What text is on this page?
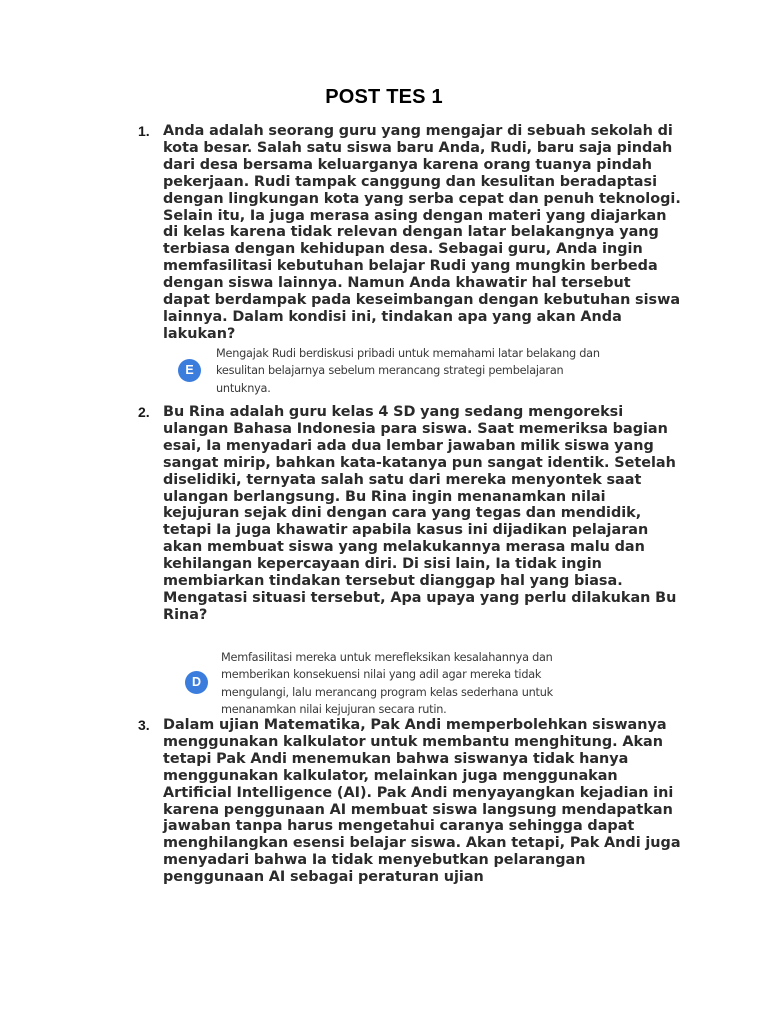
POST TES 1
1. Anda adalah seorang guru yang mengajar di sebuah sekolah di kota besar. Salah satu siswa baru Anda, Rudi, baru saja pindah dari desa bersama keluarganya karena orang tuanya pindah pekerjaan. Rudi tampak canggung dan kesulitan beradaptasi dengan lingkungan kota yang serba cepat dan penuh teknologi. Selain itu, Ia juga merasa asing dengan materi yang diajarkan di kelas karena tidak relevan dengan latar belakangnya yang terbiasa dengan kehidupan desa. Sebagai guru, Anda ingin memfasilitasi kebutuhan belajar Rudi yang mungkin berbeda dengan siswa lainnya. Namun Anda khawatir hal tersebut dapat berdampak pada keseimbangan dengan kebutuhan siswa lainnya. Dalam kondisi ini, tindakan apa yang akan Anda lakukan?
E
Mengajak Rudi berdiskusi pribadi untuk memahami latar belakang dan kesulitan belajarnya sebelum merancang strategi pembelajaran untuknya.
2. Bu Rina adalah guru kelas 4 SD yang sedang mengoreksi ulangan Bahasa Indonesia para siswa. Saat memeriksa bagian esai, Ia menyadari ada dua lembar jawaban milik siswa yang sangat mirip, bahkan kata-katanya pun sangat identik. Setelah diselidiki, ternyata salah satu dari mereka menyontek saat ulangan berlangsung. Bu Rina ingin menanamkan nilai kejujuran sejak dini dengan cara yang tegas dan mendidik, tetapi Ia juga khawatir apabila kasus ini dijadikan pelajaran akan membuat siswa yang melakukannya merasa malu dan kehilangan kepercayaan diri. Di sisi lain, Ia tidak ingin membiarkan tindakan tersebut dianggap hal yang biasa. Mengatasi situasi tersebut, Apa upaya yang perlu dilakukan Bu Rina?
D
Memfasilitasi mereka untuk merefleksikan kesalahannya dan memberikan konsekuensi nilai yang adil agar mereka tidak mengulangi, lalu merancang program kelas sederhana untuk menanamkan nilai kejujuran secara rutin.
3. Dalam ujian Matematika, Pak Andi memperbolehkan siswanya menggunakan kalkulator untuk membantu menghitung. Akan tetapi Pak Andi menemukan bahwa siswanya tidak hanya menggunakan kalkulator, melainkan juga menggunakan Artificial Intelligence (AI). Pak Andi menyayangkan kejadian ini karena penggunaan AI membuat siswa langsung mendapatkan jawaban tanpa harus mengetahui caranya sehingga dapat menghilangkan esensi belajar siswa. Akan tetapi, Pak Andi juga menyadari bahwa Ia tidak menyebutkan pelarangan penggunaan AI sebagai peraturan ujian
